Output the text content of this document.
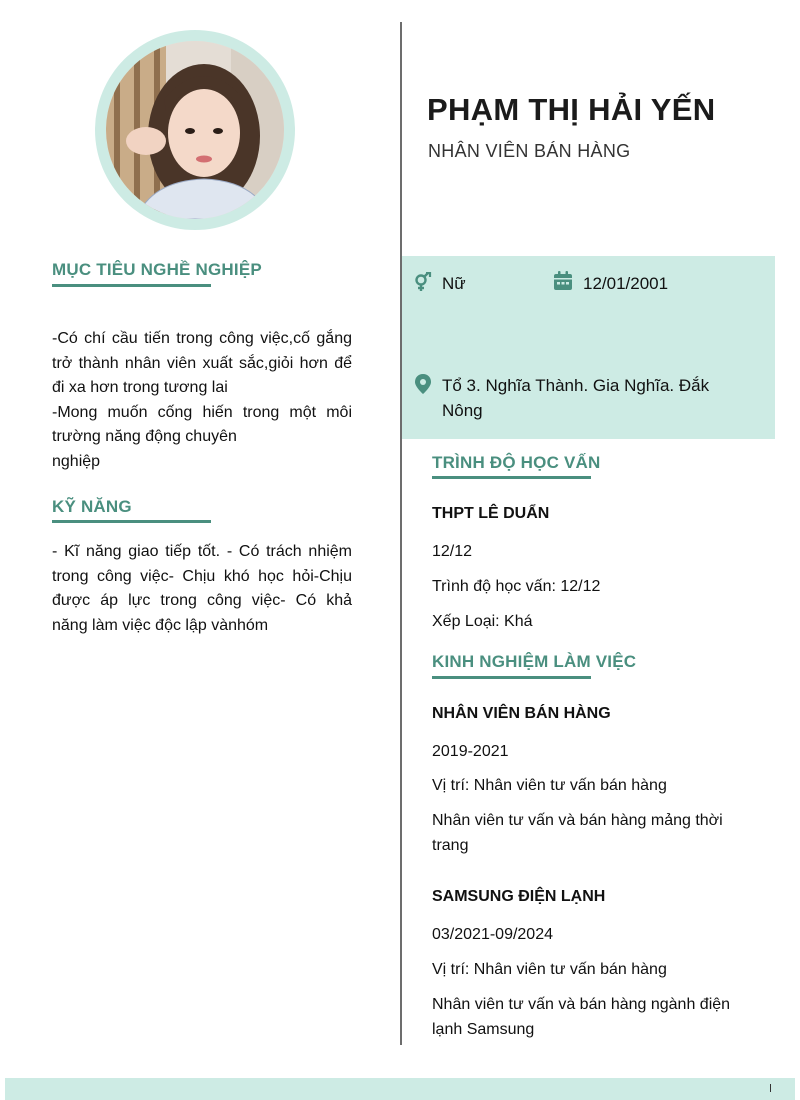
MỤC TIÊU NGHỀ NGHIỆP
-Có chí cầu tiến trong công việc,cố gắng trở thành nhân viên xuất sắc,giỏi hơn để đi xa hơn trong tương lai
-Mong muốn cống hiến trong một môi trường năng động chuyên
nghiệp
KỸ NĂNG
- Kĩ năng giao tiếp tốt. - Có trách nhiệm trong công việc- Chịu khó học hỏi-Chịu được áp lực trong công việc- Có khả năng làm việc độc lập vànhóm
PHẠM THỊ HẢI YẾN
NHÂN VIÊN BÁN HÀNG
Nữ	12/01/2001
Tổ 3. Nghĩa Thành. Gia Nghĩa. Đắk Nông
TRÌNH ĐỘ HỌC VẤN
THPT LÊ DUẨN
12/12
Trình độ học vấn: 12/12
Xếp Loại: Khá
KINH NGHIỆM LÀM VIỆC
NHÂN VIÊN BÁN HÀNG
2019-2021
Vị trí: Nhân viên tư vấn bán hàng
Nhân viên tư vấn và bán hàng mảng thời trang
SAMSUNG ĐIỆN LẠNH
03/2021-09/2024
Vị trí: Nhân viên tư vấn bán hàng
Nhân viên tư vấn và bán hàng ngành điện lạnh Samsung
